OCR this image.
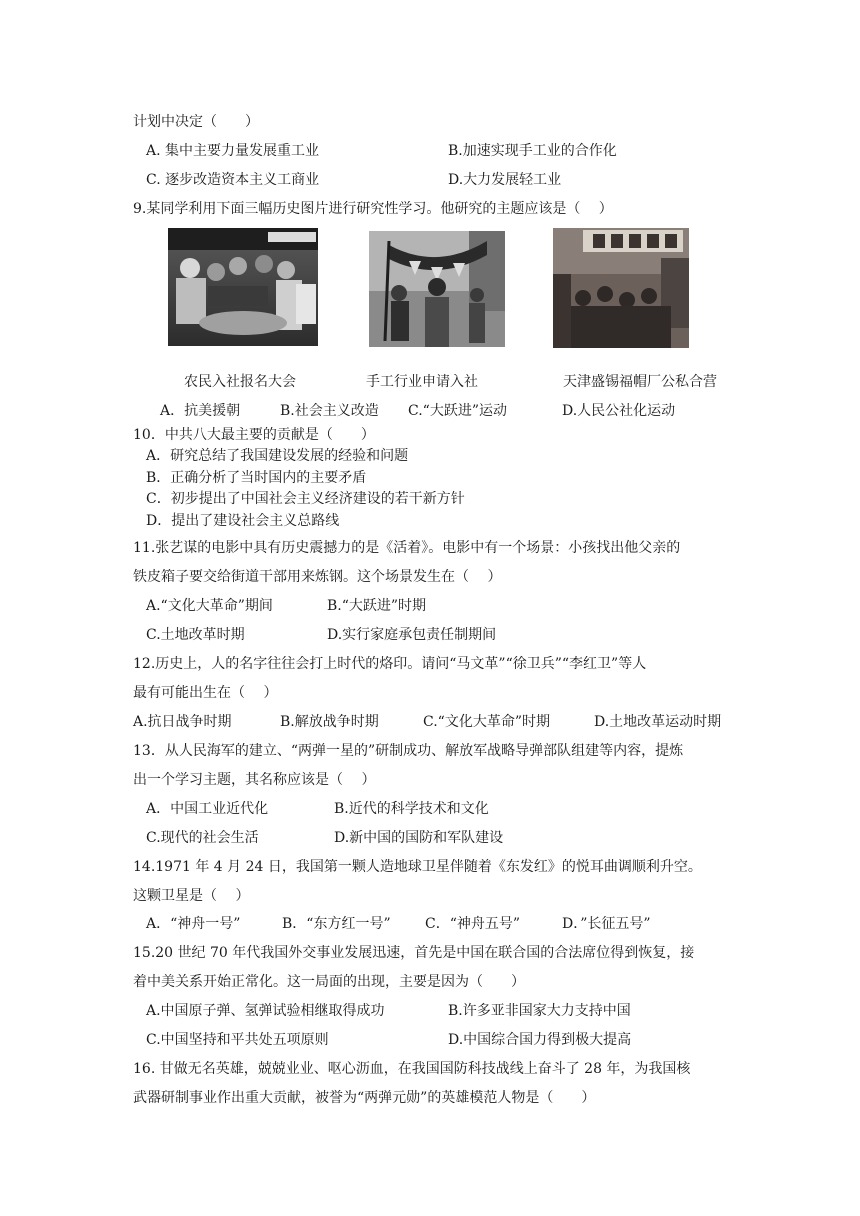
计划中决定（　　）
A. 集中主要力量发展重工业	B.加速实现手工业的合作化
C. 逐步改造资本主义工商业	D.大力发展轻工业
9.某同学利用下面三幅历史图片进行研究性学习。他研究的主题应该是（　 ）
农民入社报名大会	手工行业申请入社	天津盛锡福帽厂公私合营
A．抗美援朝	B.社会主义改造 C.“大跃进”运动	D.人民公社化运动
10．中共八大最主要的贡献是（　　）
A．研究总结了我国建设发展的经验和问题
B．正确分析了当时国内的主要矛盾
C．初步提出了中国社会主义经济建设的若干新方针
D．提出了建设社会主义总路线
11.张艺谋的电影中具有历史震撼力的是《活着》。电影中有一个场景：小孩找出他父亲的
铁皮箱子要交给街道干部用来炼钢。这个场景发生在（　 ）
A.“文化大革命”期间	B.“大跃进”时期
C.土地改革时期	D.实行家庭承包责任制期间
12.历史上，人的名字往往会打上时代的烙印。请问“马文革”“徐卫兵”“李红卫”等人
最有可能出生在（　 ）
A.抗日战争时期	B.解放战争时期	C.“文化大革命”时期	D.土地改革运动时期
13．从人民海军的建立、“两弹一星的”研制成功、解放军战略导弹部队组建等内容，提炼
出一个学习主题，其名称应该是（　 ）
A．中国工业近代化	B.近代的科学技术和文化
C.现代的社会生活	D.新中国的国防和军队建设
14.1971 年 4 月 24 日，我国第一颗人造地球卫星伴随着《东发红》的悦耳曲调顺利升空。
这颗卫星是（　 ）
A．“神舟一号”	B．“东方红一号” C．“神舟五号”	D．”长征五号”
15.20 世纪 70 年代我国外交事业发展迅速，首先是中国在联合国的合法席位得到恢复，接
着中美关系开始正常化。这一局面的出现，主要是因为（　　）
A.中国原子弹、氢弹试验相继取得成功	B.许多亚非国家大力支持中国
C.中国坚持和平共处五项原则	D.中国综合国力得到极大提高
16. 甘做无名英雄，兢兢业业、呕心沥血，在我国国防科技战线上奋斗了 28 年，为我国核
武器研制事业作出重大贡献，被誉为“两弹元勋”的英雄模范人物是（　　）
